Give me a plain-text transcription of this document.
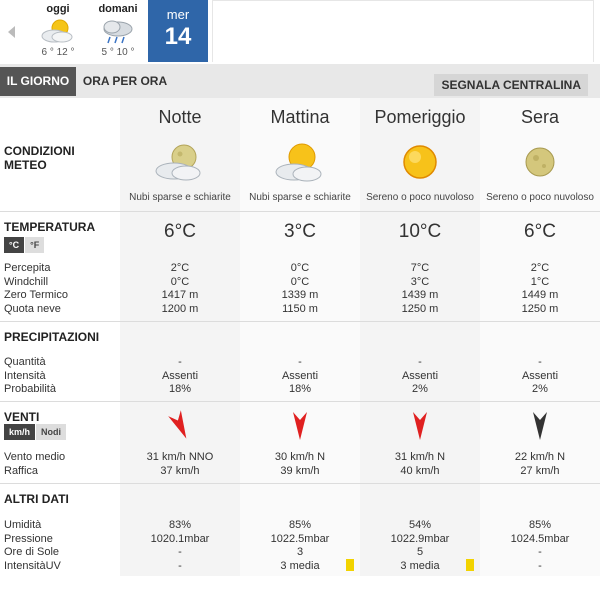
oggi
6 ° 12 °
domani
5 ° 10 °
mer
14
IL GIORNO	ORA PER ORA	SEGNALA CENTRALINA
CONDIZIONI METEO
Notte
Nubi sparse e schiarite
Mattina
Nubi sparse e schiarite
Pomeriggio
Sereno o poco nuvoloso
Sera
Sereno o poco nuvoloso
TEMPERATURA
°C °F
Percepita
Windchill
Zero Termico
Quota neve
6°C
2°C
0°C
1417 m
1200 m
3°C
0°C
0°C
1339 m
1150 m
10°C
7°C
3°C
1439 m
1250 m
6°C
2°C
1°C
1449 m
1250 m
PRECIPITAZIONI
Quantità
Intensità
Probabilità
-
Assenti
18%
-
Assenti
18%
-
Assenti
2%
-
Assenti
2%
VENTI
km/h Nodi
Vento medio
Raffica
31 km/h NNO
37 km/h
30 km/h N
39 km/h
31 km/h N
40 km/h
22 km/h N
27 km/h
ALTRI DATI
Umidità
Pressione
Ore di Sole
IntensitàUV
83%
1020.1mbar
-
-
85%
1022.5mbar
3
3 media
54%
1022.9mbar
5
3 media
85%
1024.5mbar
-
-
